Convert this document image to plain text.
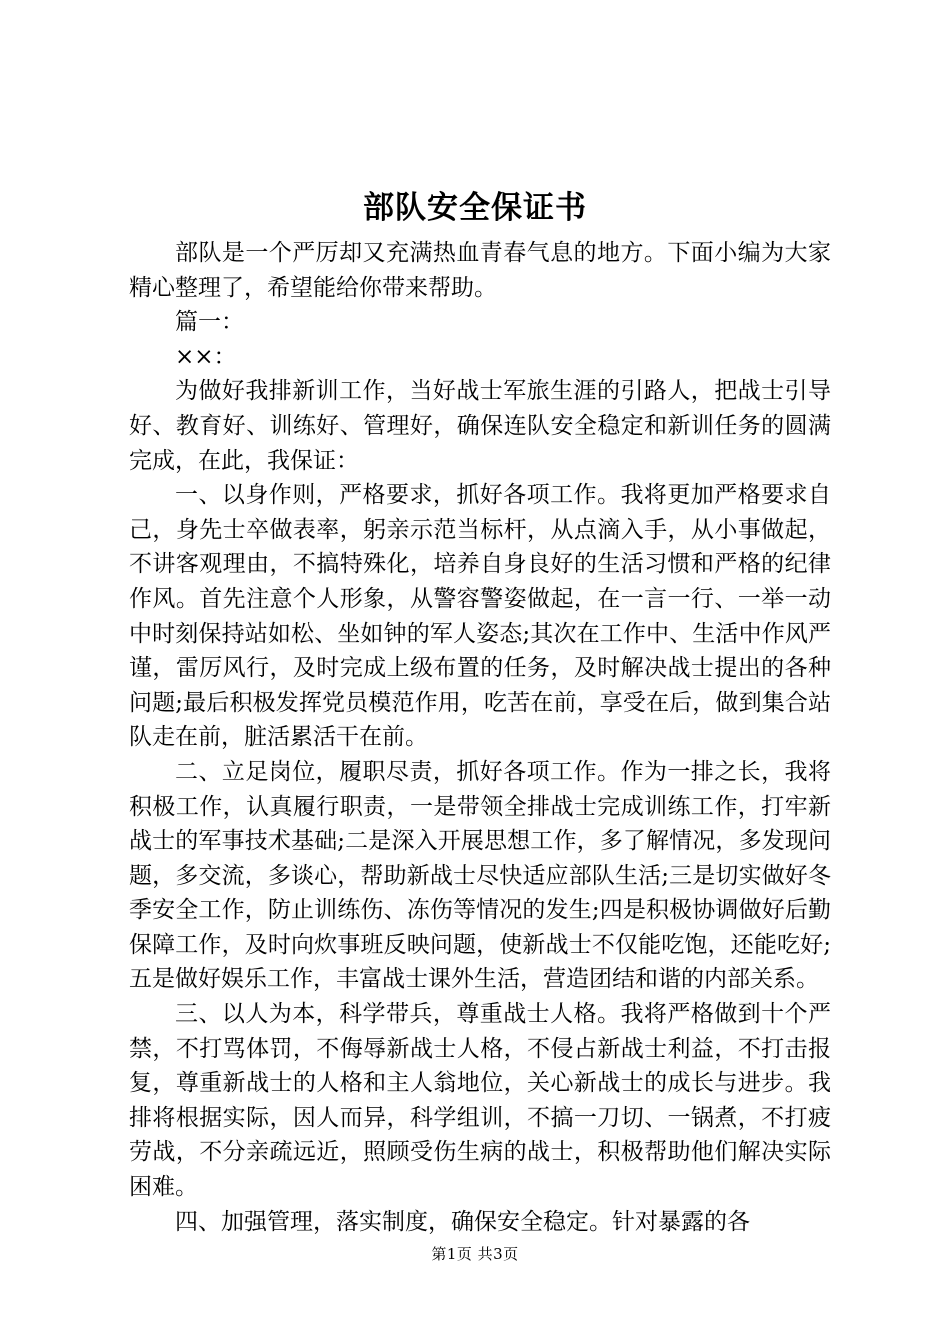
部队安全保证书

部队是一个严厉却又充满热血青春气息的地方。下面小编为大家精心整理了，希望能给你带来帮助。

篇一：

××：

为做好我排新训工作，当好战士军旅生涯的引路人，把战士引导好、教育好、训练好、管理好，确保连队安全稳定和新训任务的圆满完成，在此，我保证：

一、以身作则，严格要求，抓好各项工作。我将更加严格要求自己，身先士卒做表率，躬亲示范当标杆，从点滴入手，从小事做起，不讲客观理由，不搞特殊化，培养自身良好的生活习惯和严格的纪律作风。首先注意个人形象，从警容警姿做起，在一言一行、一举一动中时刻保持站如松、坐如钟的军人姿态;其次在工作中、生活中作风严谨，雷厉风行，及时完成上级布置的任务，及时解决战士提出的各种问题;最后积极发挥党员模范作用，吃苦在前，享受在后，做到集合站队走在前，脏活累活干在前。

二、立足岗位，履职尽责，抓好各项工作。作为一排之长，我将积极工作，认真履行职责，一是带领全排战士完成训练工作，打牢新战士的军事技术基础;二是深入开展思想工作，多了解情况，多发现问题，多交流，多谈心，帮助新战士尽快适应部队生活;三是切实做好冬季安全工作，防止训练伤、冻伤等情况的发生;四是积极协调做好后勤保障工作，及时向炊事班反映问题，使新战士不仅能吃饱，还能吃好;五是做好娱乐工作，丰富战士课外生活，营造团结和谐的内部关系。

三、以人为本，科学带兵，尊重战士人格。我将严格做到十个严禁，不打骂体罚，不侮辱新战士人格，不侵占新战士利益，不打击报复，尊重新战士的人格和主人翁地位，关心新战士的成长与进步。我排将根据实际，因人而异，科学组训，不搞一刀切、一锅煮，不打疲劳战，不分亲疏远近，照顾受伤生病的战士，积极帮助他们解决实际困难。

四、加强管理，落实制度，确保安全稳定。针对暴露的各

第1页 共3页
